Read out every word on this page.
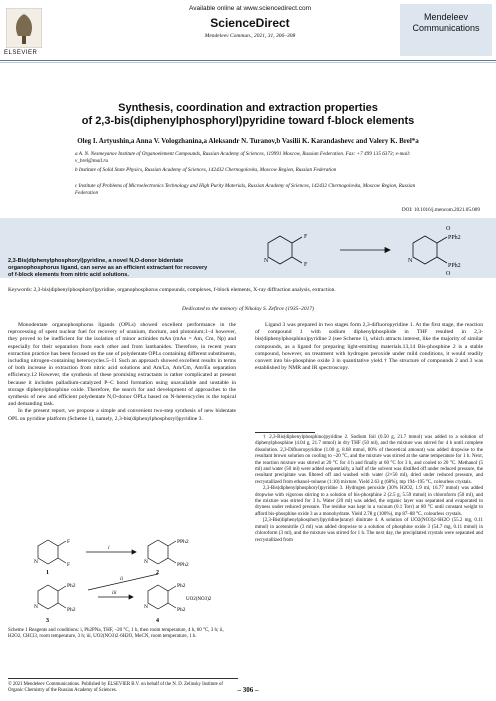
ELSEVIER
Available online at www.sciencedirect.com
ScienceDirect
Mendeleev Commun., 2021, 31, 306–308
Mendeleev
Communications
Synthesis, coordination and extraction properties
of 2,3-bis(diphenylphosphoryl)pyridine toward f-block elements
Oleg I. Artyushin,a Anna V. Vologzhanina,a Aleksandr N. Turanov,b Vasilii K. Karandashevc and Valery K. Brel*a
a A. N. Nesmeyanov Institute of Organoelement Compounds, Russian Academy of Sciences, 119991 Moscow, Russian Federation. Fax: +7 499 135 6373; e-mail: v_brel@mail.ru
b Institute of Solid State Physics, Russian Academy of Sciences, 142432 Chernogolovka, Moscow Region, Russian Federation
c Institute of Problems of Microelectronics Technology and High Purity Materials, Russian Academy of Sciences, 142432 Chernogolovka, Moscow Region, Russian Federation
DOI: 10.1016/j.mencom.2021.05.009
2,3-Bis(diphenylphosphoryl)pyridine, a novel N,O-donor bidentate organophosphorus ligand, can serve as an efficient extractant for recovery of f-block elements from nitric acid solutions.
F
F
N
PPh2
PPh2
O
O
N
Keywords: 2,3-bis(diphenylphosphoryl)pyridine, organophosphorus compounds, complexes, f-block elements, X-ray diffraction analysis, extraction.
Dedicated to the memory of Nikolay S. Zefirov (1935–2017)

Monodentate organophosphorus ligands (OPLs) showed excellent performance in the reprocessing of spent nuclear fuel for recovery of uranium, thorium, and plutonium;1–4 however, they proved to be inefficient for the isolation of minor actinides mAn (mAn = Am, Cm, Np) and especially for their separation from each other and from lanthanides. Therefore, in recent years extraction practice has been focused on the use of polydentate OPLs containing different substituents, including nitrogen-containing heterocycles.5–11 Such an approach showed excellent results in terms of both increase in extraction from nitric acid solutions and Am/Ln, Am/Cm, Am/Eu separation efficiency.12 However, the synthesis of these promising extractants is rather complicated at present because it includes palladium-catalyzed P–C bond formation using unavailable and unstable in storage diphenylphosphine oxide. Therefore, the search for and development of approaches to the synthesis of new and efficient polydentate N,O-donor OPLs based on N-heterocycles is the topical and demanding task.

In the present report, we propose a simple and convenient two-step synthesis of new bidentate OPL on pyridine platform (Scheme 1), namely, 2,3-bis(diphenylphosphoryl)pyridine 3.

F
F
N
1
i
PPh2
PPh2
N
2
ii
Ph2
Ph2
N
3
iii
Ph2
Ph2
UO2(NO3)2
N
4
Scheme 1 Reagents and conditions: i, Ph2PNa, THF, –20 °C, 1 h, then room temperature, 4 h, 60 °C, 3 h; ii, H2O2, CHCl3, room temperature, 3 h; iii, UO2(NO3)2·6H2O, MeCN, room temperature, 1 h.

Ligand 3 was prepared in two stages form 2,3-difluoropyridine 1. At the first stage, the reaction of compound 1 with sodium diphenylphosphide in THF resulted in 2,3-bis(diphenylphosphino)pyridine 2 (see Scheme 1), which attracts interest, like the majority of similar compounds, as a ligand for preparing light-emitting materials.13,14 Bis-phosphine 2 is a stable compound, however, on treatment with hydrogen peroxide under mild conditions, it would readily convert into bis-phosphine oxide 3 in quantitative yield.† The structure of compounds 2 and 3 was established by NMR and IR spectroscopy.

† 2,3-Bis(diphenylphosphino)pyridine 2. Sodium foil (0.50 g, 21.7 mmol) was added to a solution of diphenylphosphine (4.04 g, 21.7 mmol) in dry THF (50 ml), and the mixture was stirred for 4 h until complete dissolution. 2,3-Difluoropyridine (1.00 g, 8.68 mmol, 80% of theoretical amount) was added dropwise to the resultant brown solution on cooling to –20 °C, and the mixture was stirred at the same temperature for 1 h. Next, the reaction mixture was stirred at 20 °C for 4 h and finally at 60 °C for 3 h, and cooled to 20 °C. Methanol (5 ml) and water (50 ml) were added sequentially, a half of the solvent was distilled off under reduced pressure, the resultant precipitate was filtered off and washed with water (2×50 ml), dried under reduced pressure, and recrystallized from ethanol–toluene (1:10) mixture. Yield 2.63 g (68%), mp 194–195 °C, colourless crystals.

2,3-Bis(diphenylphosphoryl)pyridine 3. Hydrogen peroxide (30% H2O2, 1.9 ml, 16.77 mmol) was added dropwise with vigorous stirring to a solution of bis-phosphine 2 (2.5 g, 5.59 mmol) in chloroform (50 ml), and the mixture was stirred for 3 h. Water (20 ml) was added, the organic layer was separated and evaporated to dryness under reduced pressure. The residue was kept in a vacuum (0.1 Torr) at 80 °C until constant weight to afford bis-phosphine oxide 3 as a monohydrate. Yield 2.78 g (100%), mp 87–88 °C, colourless crystals.

[2,3-Bis(diphenylphosphoryl)pyridine]uranyl dinitrate 4. A solution of UO2(NO3)2·6H2O (55.2 mg, 0.11 mmol) in acetonitrile (3 ml) was added dropwise to a solution of phosphine oxide 3 (54.7 mg, 0.11 mmol) in chloroform (3 ml), and the mixture was stirred for 1 h. The next day, the precipitated crystals were separated and recrystallized from

© 2021 Mendeleev Communications. Published by ELSEVIER B.V. on behalf of the N. D. Zelinsky Institute of Organic Chemistry of the Russian Academy of Sciences.	– 306 –
